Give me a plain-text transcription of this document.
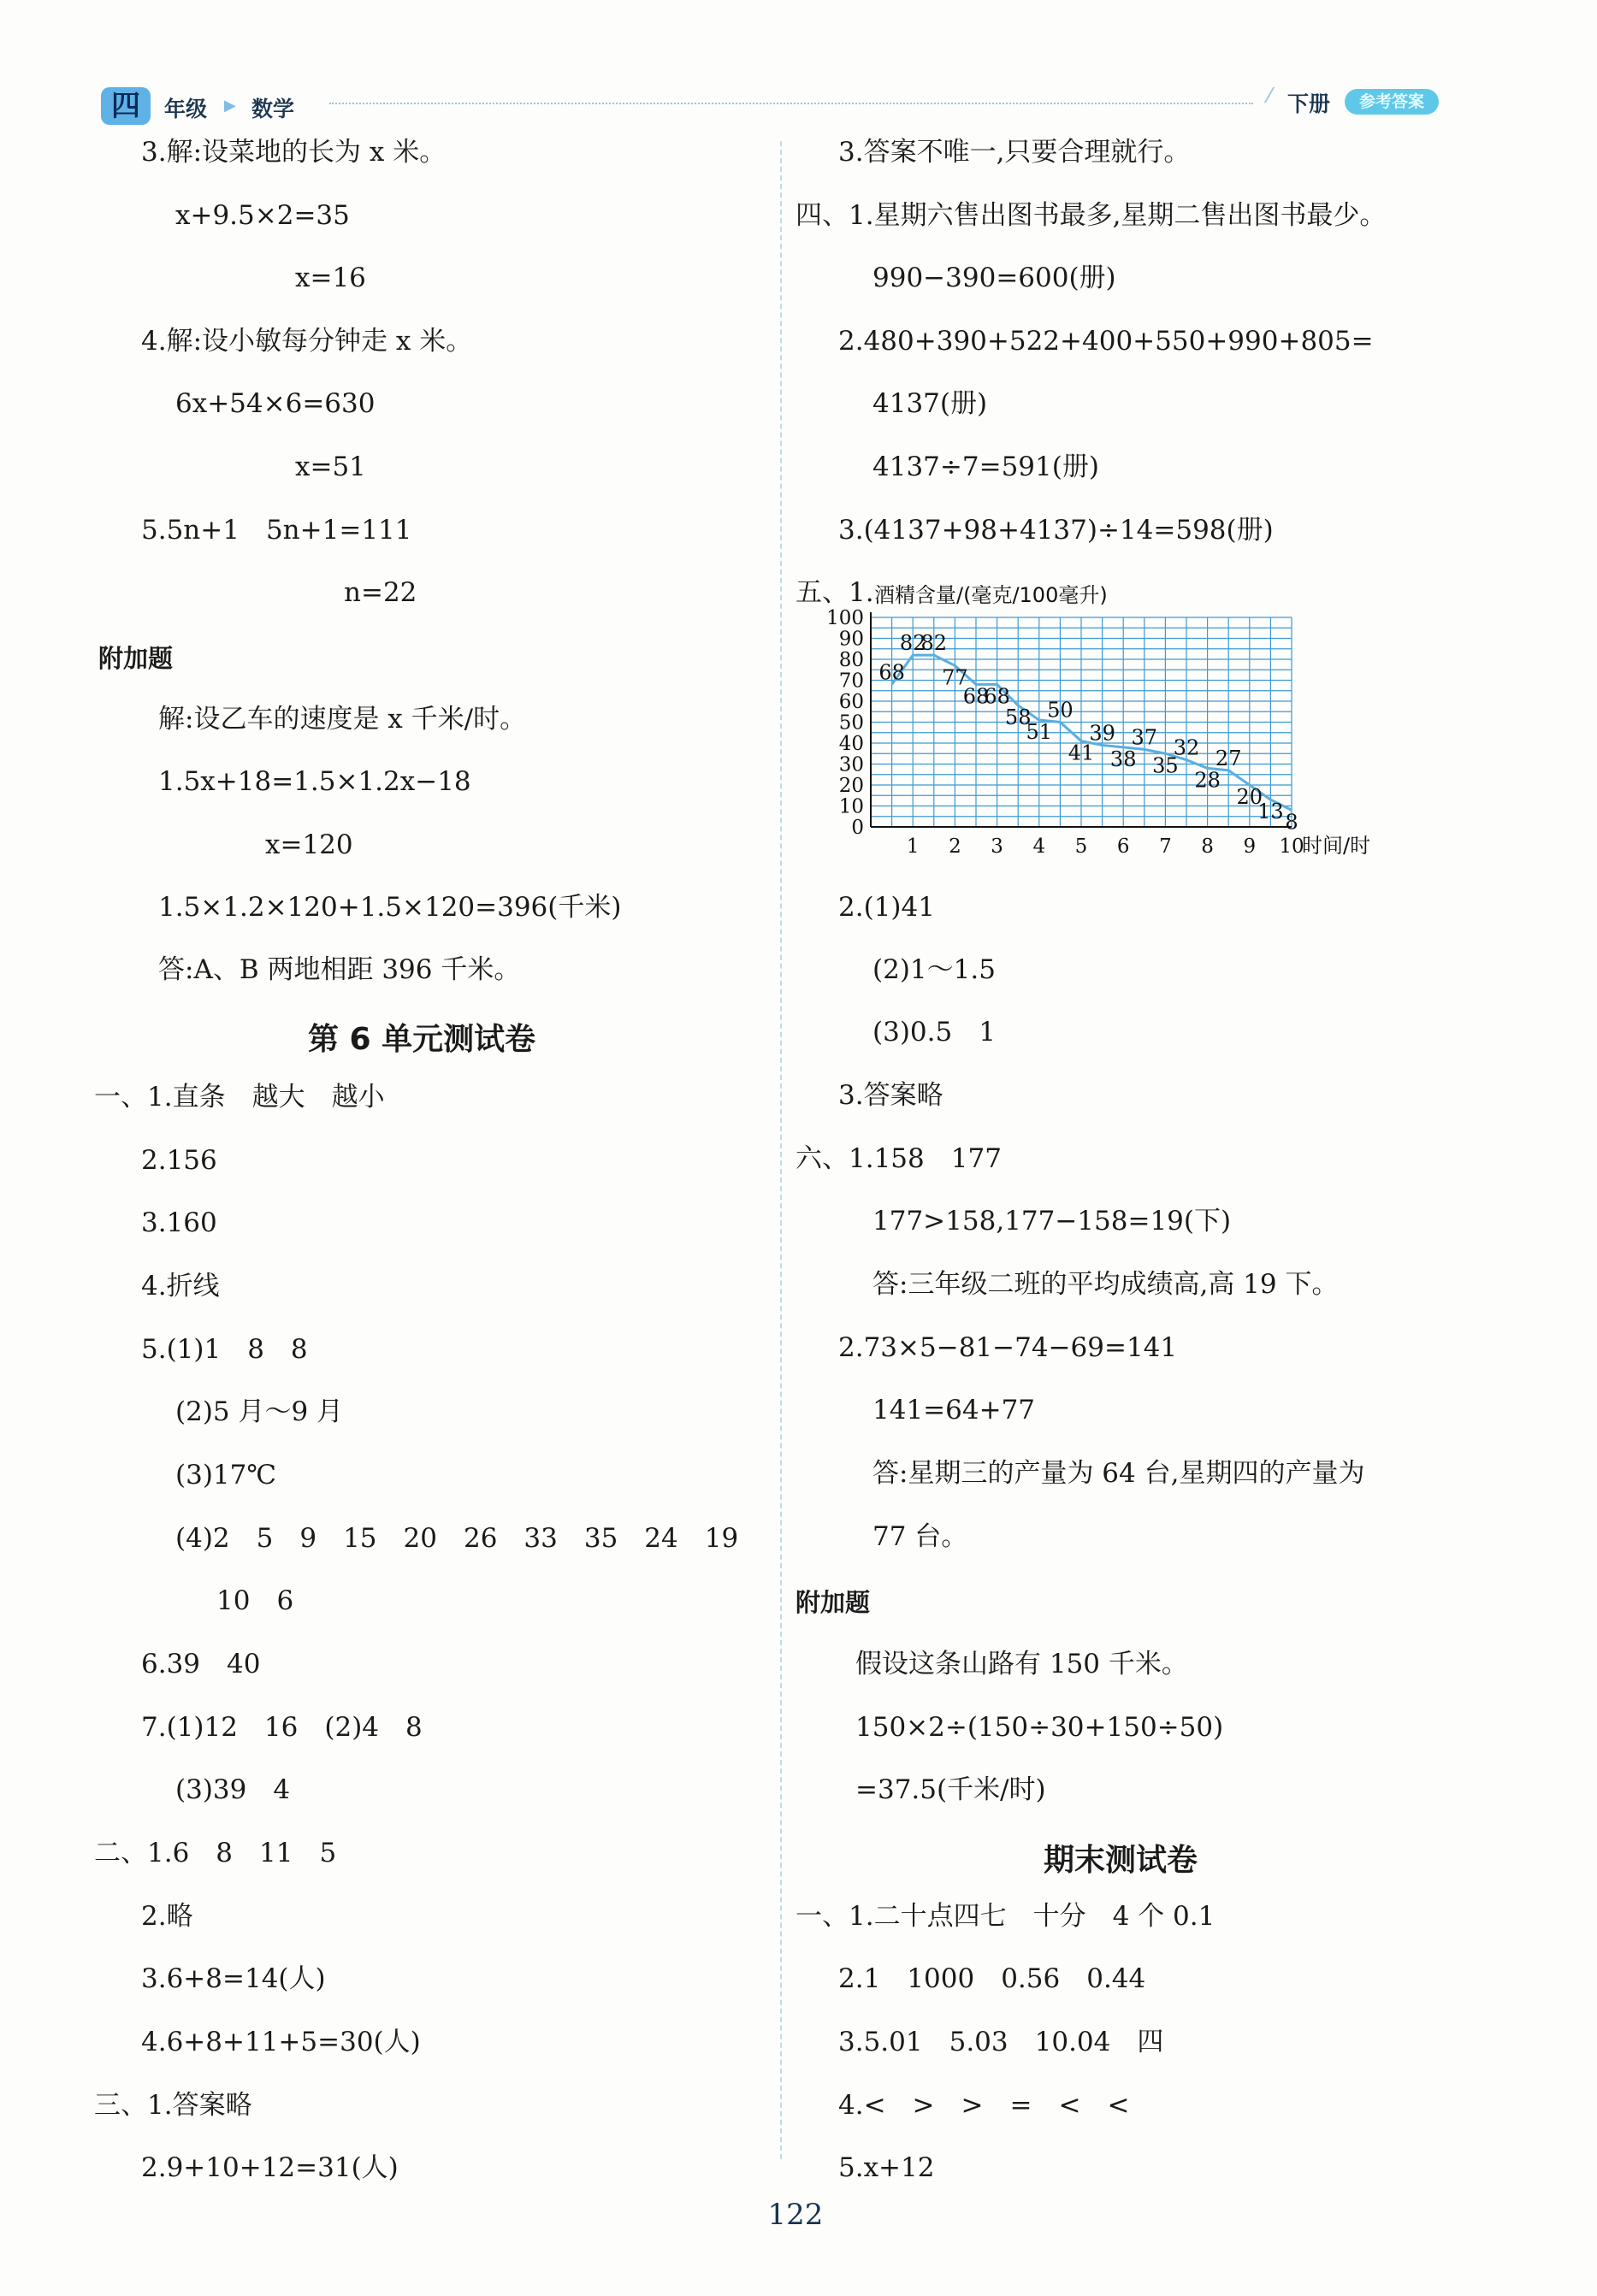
四	年级 ▶ 数学	下册	参考答案
3.解:设菜地的长为 x 米。
x+9.5×2=35
x=16
4.解:设小敏每分钟走 x 米。
6x+54×6=630
x=51
5.5n+1　5n+1=111
n=22
附加题
解:设乙车的速度是 x 千米/时。
1.5x+18=1.5×1.2x−18
x=120
1.5×1.2×120+1.5×120=396(千米)
答:A、B 两地相距 396 千米。
第 6 单元测试卷
一、1.直条　越大　越小
2.156
3.160
4.折线
5.(1)1　8　8
(2)5 月～9 月
(3)17℃
(4)2　5　9　15　20　26　33　35　24　19
10　6
6.39　40
7.(1)12　16　(2)4　8
(3)39　4
二、1.6　8　11　5
2.略
3.6+8=14(人)
4.6+8+11+5=30(人)
三、1.答案略
2.9+10+12=31(人)
3.答案不唯一,只要合理就行。
四、1.星期六售出图书最多,星期二售出图书最少。
990−390=600(册)
2.480+390+522+400+550+990+805=
4137(册)
4137÷7=591(册)
3.(4137+98+4137)÷14=598(册)
五、1.
0
10
20
30
40
50
60
70
80
90
100
1 2 3 4 5 6 7 8 9 10
酒精含量/(毫克/100毫升)
时间/时
68
82
82
77
68
68
58
51
50
41
39
38
37
35
32
28
27
20
13 8
2.(1)41
(2)1～1.5
(3)0.5　1
3.答案略
六、1.158　177
177>158,177−158=19(下)
答:三年级二班的平均成绩高,高 19 下。
2.73×5−81−74−69=141
141=64+77
答:星期三的产量为 64 台,星期四的产量为
77 台。
附加题
假设这条山路有 150 千米。
150×2÷(150÷30+150÷50)
=37.5(千米/时)
期末测试卷
一、1.二十点四七　十分　4 个 0.1
2.1　1000　0.56　0.44
3.5.01　5.03　10.04　四
4.<　>　>　=　<　<
5.x+12
122
